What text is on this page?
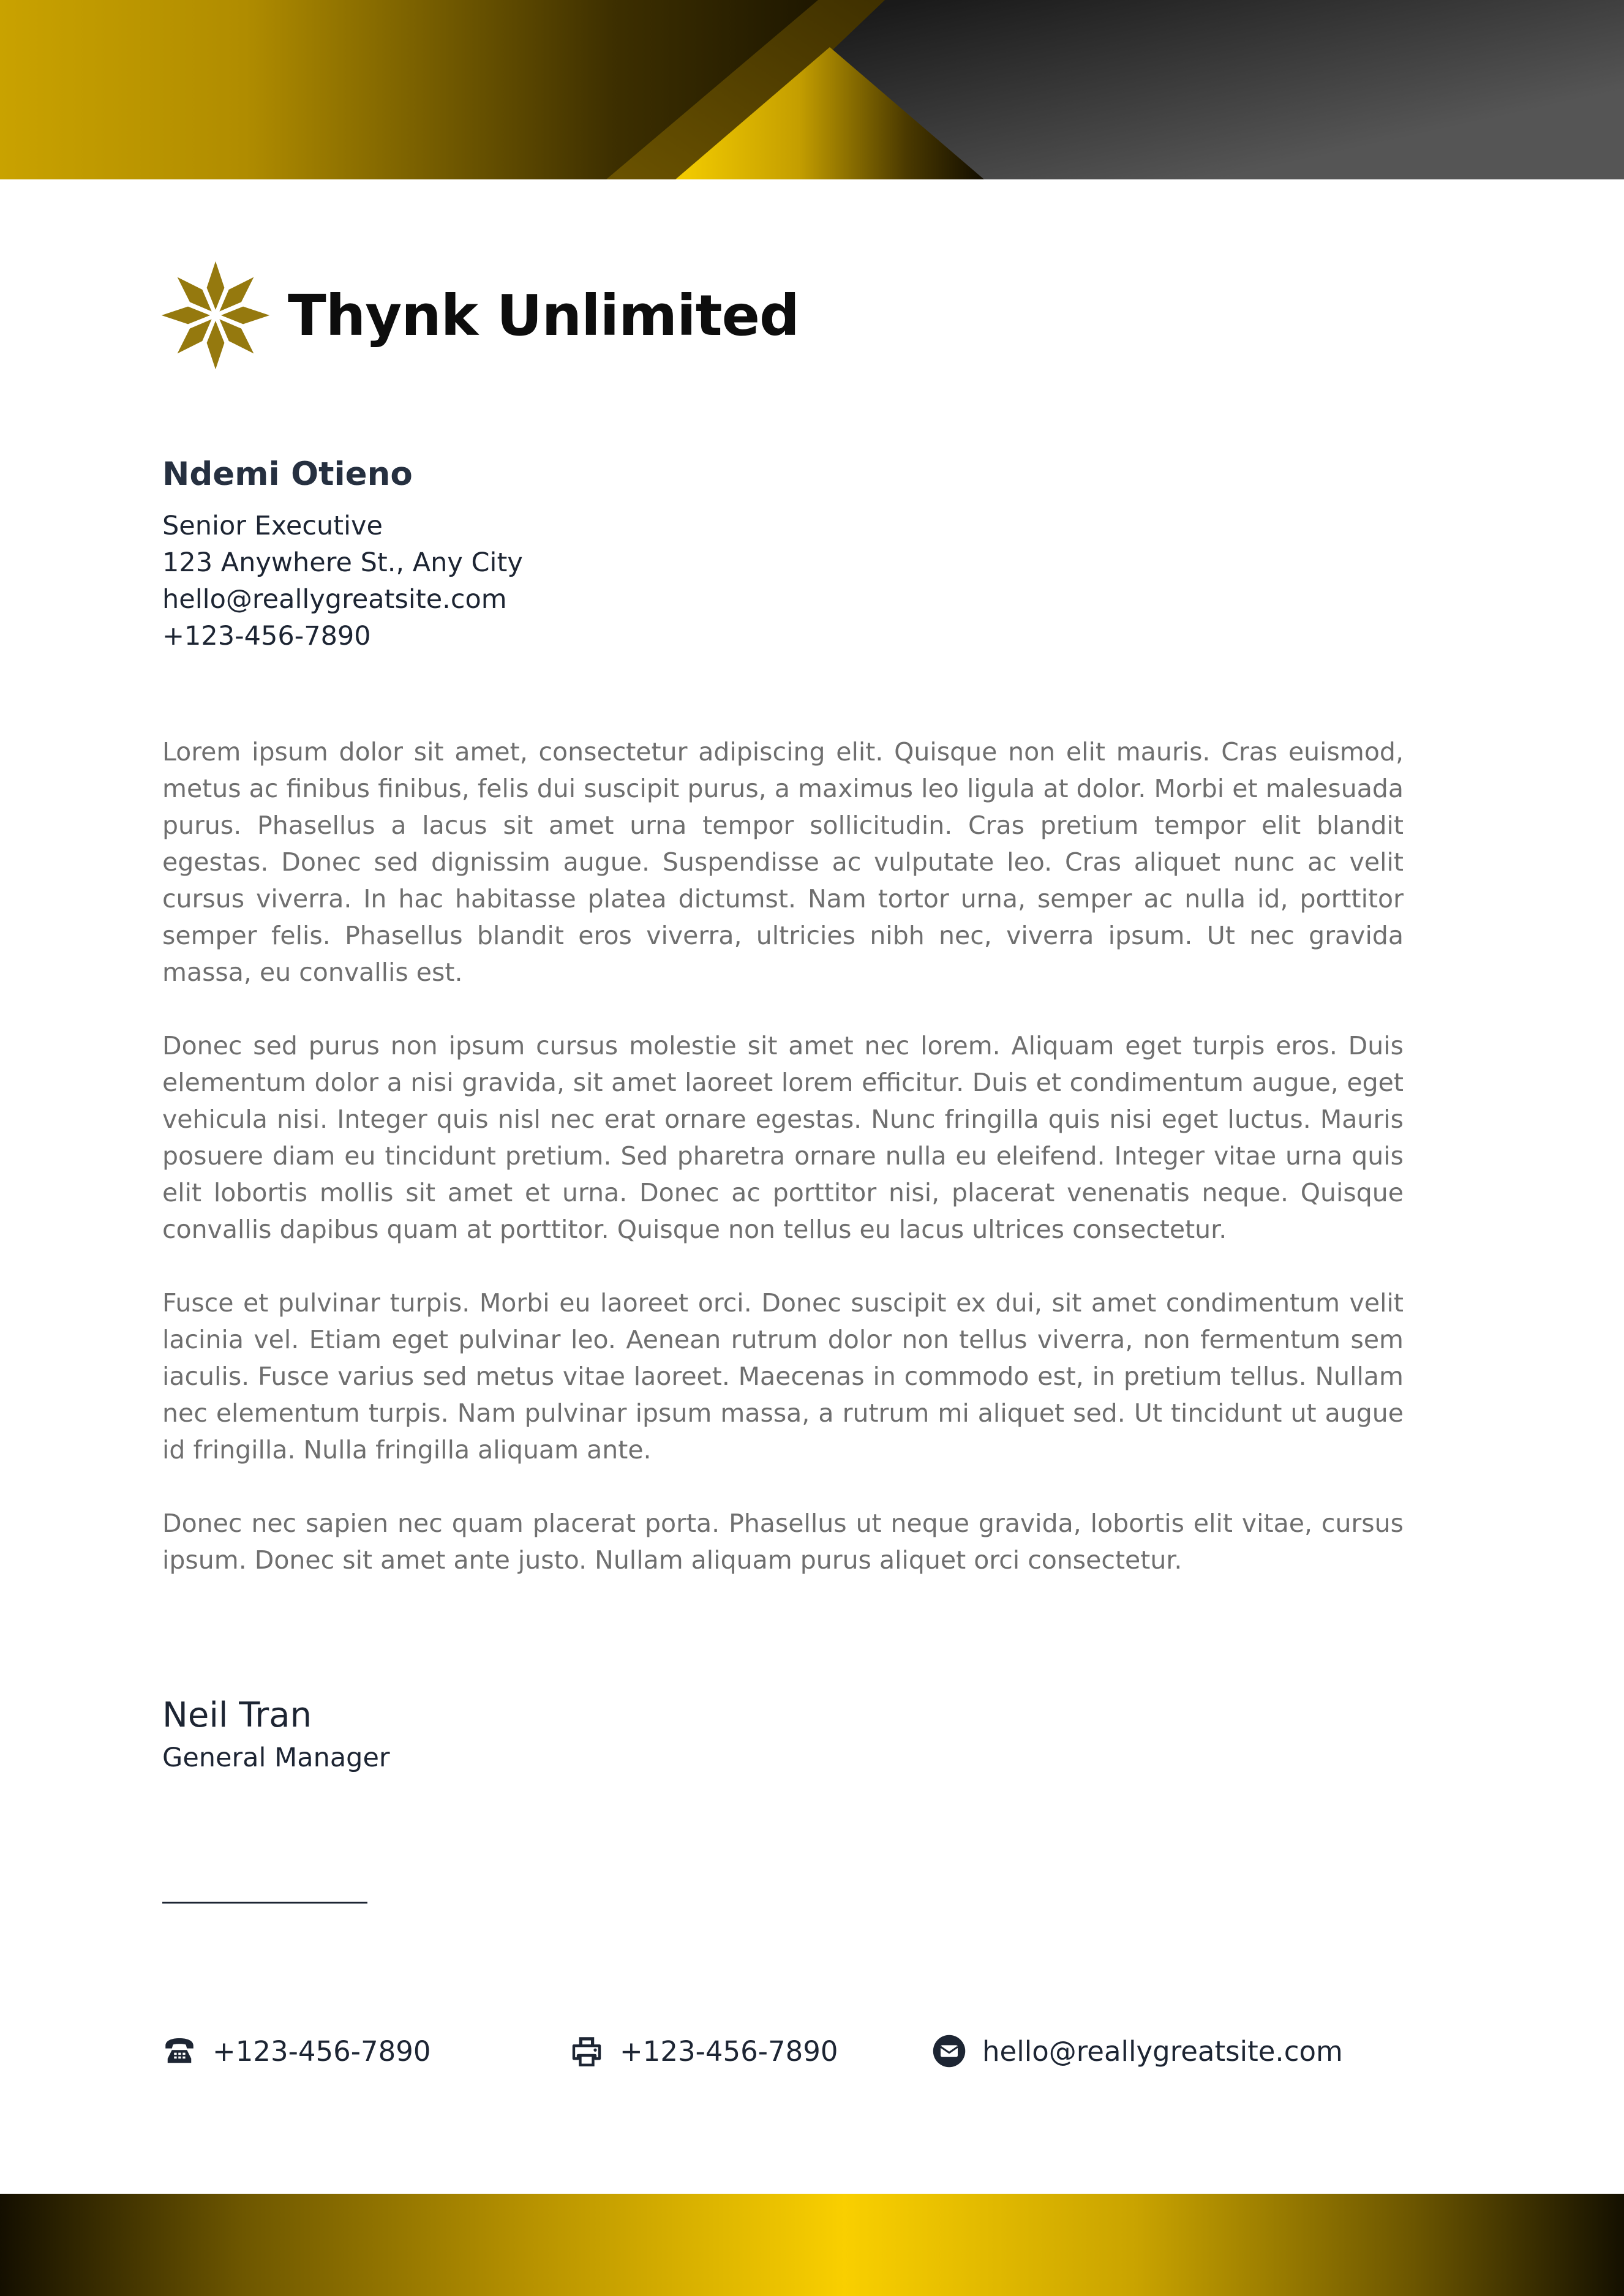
Thynk Unlimited
Ndemi Otieno
Senior Executive
123 Anywhere St., Any City
hello@reallygreatsite.com
+123-456-7890

Lorem ipsum dolor sit amet, consectetur adipiscing elit. Quisque non elit mauris. Cras euismod, metus ac finibus finibus, felis dui suscipit purus, a maximus leo ligula at dolor. Morbi et malesuada purus. Phasellus a lacus sit amet urna tempor sollicitudin. Cras pretium tempor elit blandit egestas. Donec sed dignissim augue. Suspendisse ac vulputate leo. Cras aliquet nunc ac velit cursus viverra. In hac habitasse platea dictumst. Nam tortor urna, semper ac nulla id, porttitor semper felis. Phasellus blandit eros viverra, ultricies nibh nec, viverra ipsum. Ut nec gravida massa, eu convallis est.

Donec sed purus non ipsum cursus molestie sit amet nec lorem. Aliquam eget turpis eros. Duis elementum dolor a nisi gravida, sit amet laoreet lorem efficitur. Duis et condimentum augue, eget vehicula nisi. Integer quis nisl nec erat ornare egestas. Nunc fringilla quis nisi eget luctus. Mauris posuere diam eu tincidunt pretium. Sed pharetra ornare nulla eu eleifend. Integer vitae urna quis elit lobortis mollis sit amet et urna. Donec ac porttitor nisi, placerat venenatis neque. Quisque convallis dapibus quam at porttitor. Quisque non tellus eu lacus ultrices consectetur.

Fusce et pulvinar turpis. Morbi eu laoreet orci. Donec suscipit ex dui, sit amet condimentum velit lacinia vel. Etiam eget pulvinar leo. Aenean rutrum dolor non tellus viverra, non fermentum sem iaculis. Fusce varius sed metus vitae laoreet. Maecenas in commodo est, in pretium tellus. Nullam nec elementum turpis. Nam pulvinar ipsum massa, a rutrum mi aliquet sed. Ut tincidunt ut augue id fringilla. Nulla fringilla aliquam ante.

Donec nec sapien nec quam placerat porta. Phasellus ut neque gravida, lobortis elit vitae, cursus ipsum. Donec sit amet ante justo. Nullam aliquam purus aliquet orci consectetur.

Neil Tran
General Manager
+123-456-7890	+123-456-7890	hello@reallygreatsite.com
